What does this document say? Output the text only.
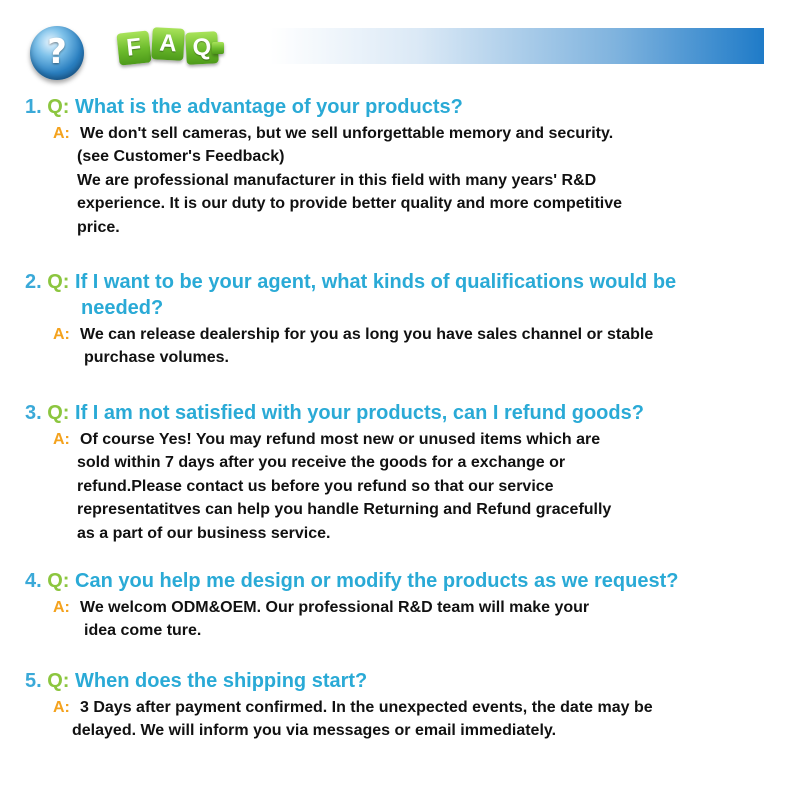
?	F A Q
1. Q: What is the advantage of your products?
A: We don't sell cameras, but we sell unforgettable memory and security.
(see Customer's Feedback)
We are professional manufacturer in this field with many years' R&D
experience. It is our duty to provide better quality and more competitive
price.
2. Q: If I want to be your agent, what kinds of qualifications would be
needed?
A: We can release dealership for you as long you have sales channel or stable
purchase volumes.
3. Q: If I am not satisfied with your products, can I refund goods?
A: Of course Yes! You may refund most new or unused items which are
sold within 7 days after you receive the goods for a exchange or
refund.Please contact us before you refund so that our service
representatitves can help you handle Returning and Refund gracefully
as a part of our business service.
4. Q: Can you help me design or modify the products as we request?
A: We welcom ODM&OEM. Our professional R&D team will make your
idea come ture.
5. Q: When does the shipping start?
A: 3 Days after payment confirmed. In the unexpected events, the date may be
delayed. We will inform you via messages or email immediately.
